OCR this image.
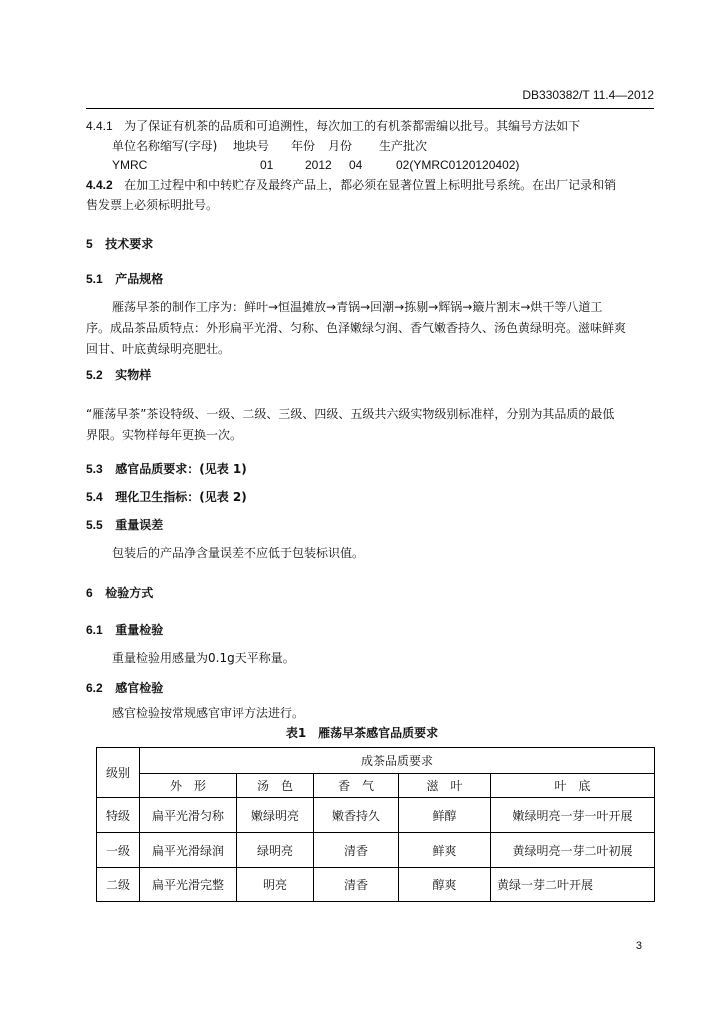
DB330382/T 11.4—2012
4.4.1 为了保证有机茶的品质和可追溯性，每次加工的有机茶都需编以批号。其编号方法如下
单位名称缩写(字母) 地块号 年份 月份 生产批次
YMRC	01	2012 04	02(YMRC0120120402)
4.4.2 在加工过程中和中转贮存及最终产品上，都必须在显著位置上标明批号系统。在出厂记录和销
售发票上必须标明批号。
5 技术要求
5.1 产品规格
雁荡早茶的制作工序为：鲜叶→恒温摊放→青锅→回潮→拣剔→辉锅→簸片割末→烘干等八道工
序。成品茶品质特点：外形扁平光滑、匀称、色泽嫩绿匀润、香气嫩香持久、汤色黄绿明亮。滋味鲜爽
回甘、叶底黄绿明亮肥壮。
5.2 实物样
“雁荡早茶”茶设特级、一级、二级、三级、四级、五级共六级实物级别标准样，分别为其品质的最低
界限。实物样每年更换一次。
5.3 感官品质要求：(见表 1)
5.4 理化卫生指标：(见表 2)
5.5 重量误差
包装后的产品净含量误差不应低于包装标识值。
6 检验方式
6.1 重量检验
重量检验用感量为0.1g天平称量。
6.2 感官检验
感官检验按常规感官审评方法进行。
表1　雁荡早茶感官品质要求
级别	成茶品质要求				
	外　形	汤　色	香　气	滋　叶	叶　底
特级	扁平光滑匀称	嫩绿明亮	嫩香持久	鲜醇	嫩绿明亮一芽一叶开展
一级	扁平光滑绿润	绿明亮	清香	鲜爽	黄绿明亮一芽二叶初展
二级	扁平光滑完整	明亮	清香	醇爽	黄绿一芽二叶开展
3
